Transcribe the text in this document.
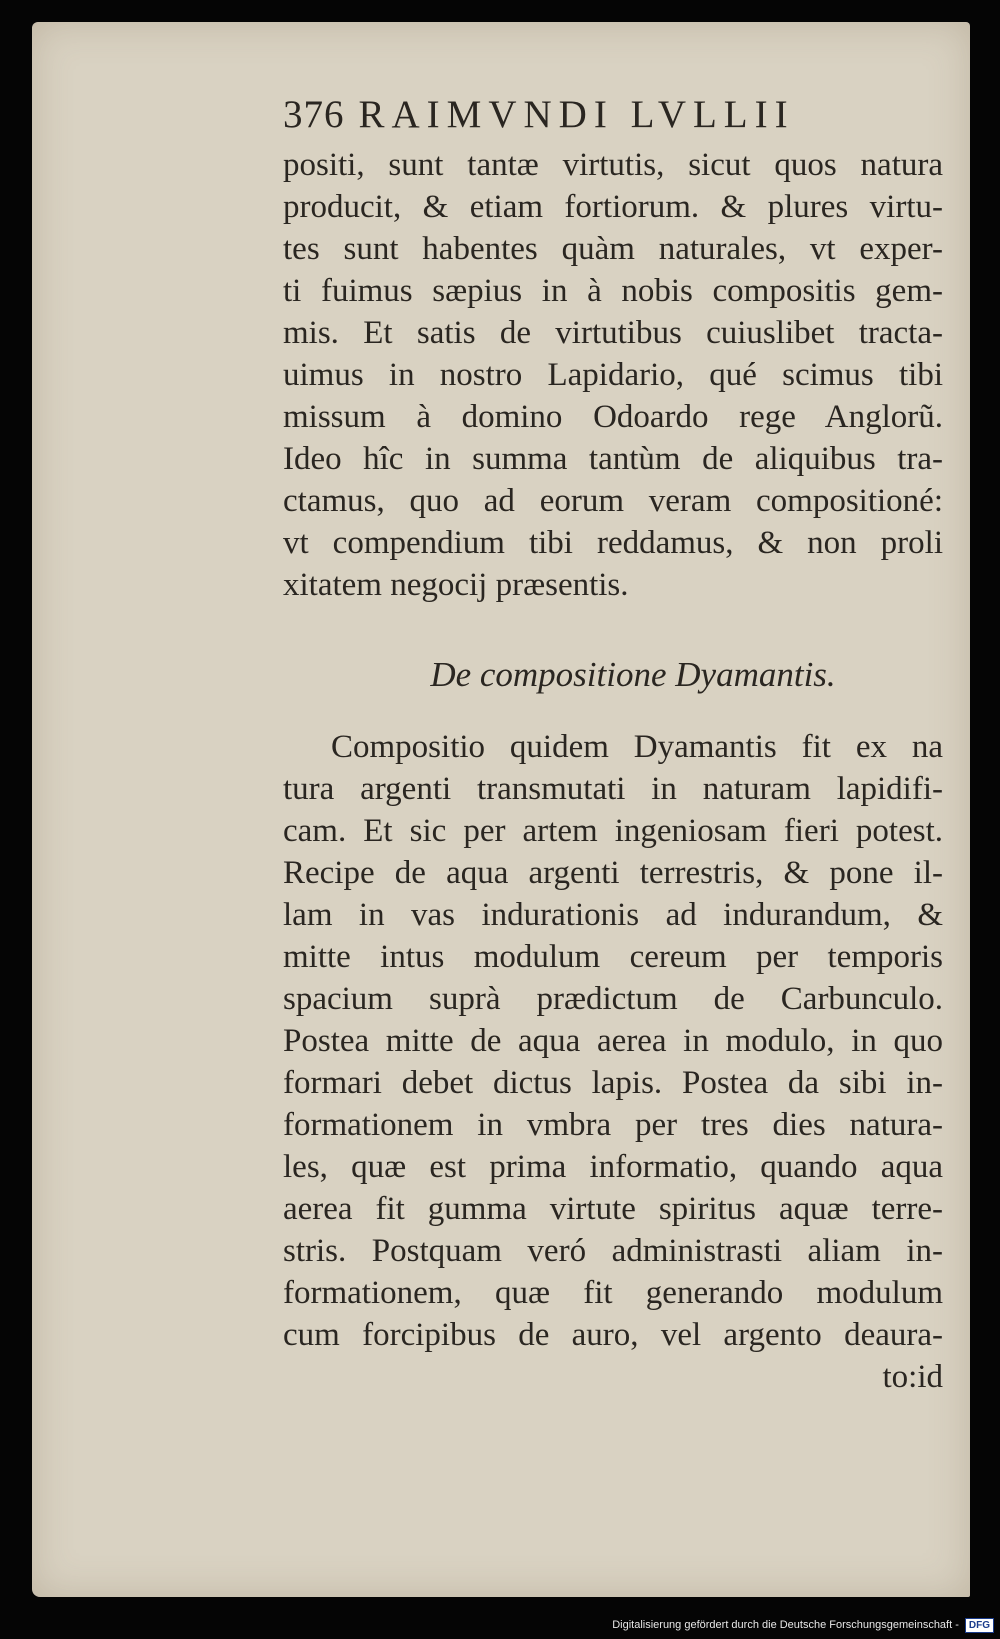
376 RAIMVNDI LVLLII
positi, sunt tantæ virtutis, sicut quos natura
producit, & etiam fortiorum. & plures virtu-
tes sunt habentes quàm naturales, vt exper-
ti fuimus sæpius in à nobis compositis gem-
mis. Et satis de virtutibus cuiuslibet tracta-
uimus in nostro Lapidario, qué scimus tibi
missum à domino Odoardo rege Anglorũ.
Ideo hîc in summa tantùm de aliquibus tra-
ctamus, quo ad eorum veram compositioné:
vt compendium tibi reddamus, & non proli
xitatem negocij præsentis.
De compositione Dyamantis.
Compositio quidem Dyamantis fit ex na
tura argenti transmutati in naturam lapidifi-
cam. Et sic per artem ingeniosam fieri potest.
Recipe de aqua argenti terrestris, & pone il-
lam in vas indurationis ad indurandum, &
mitte intus modulum cereum per temporis
spacium suprà prædictum de Carbunculo.
Postea mitte de aqua aerea in modulo, in quo
formari debet dictus lapis. Postea da sibi in-
formationem in vmbra per tres dies natura-
les, quæ est prima informatio, quando aqua
aerea fit gumma virtute spiritus aquæ terre-
stris. Postquam veró administrasti aliam in-
formationem, quæ fit generando modulum
cum forcipibus de auro, vel argento deaura-
to:id
Digitalisierung gefördert durch die Deutsche Forschungsgemeinschaft -	DFG
